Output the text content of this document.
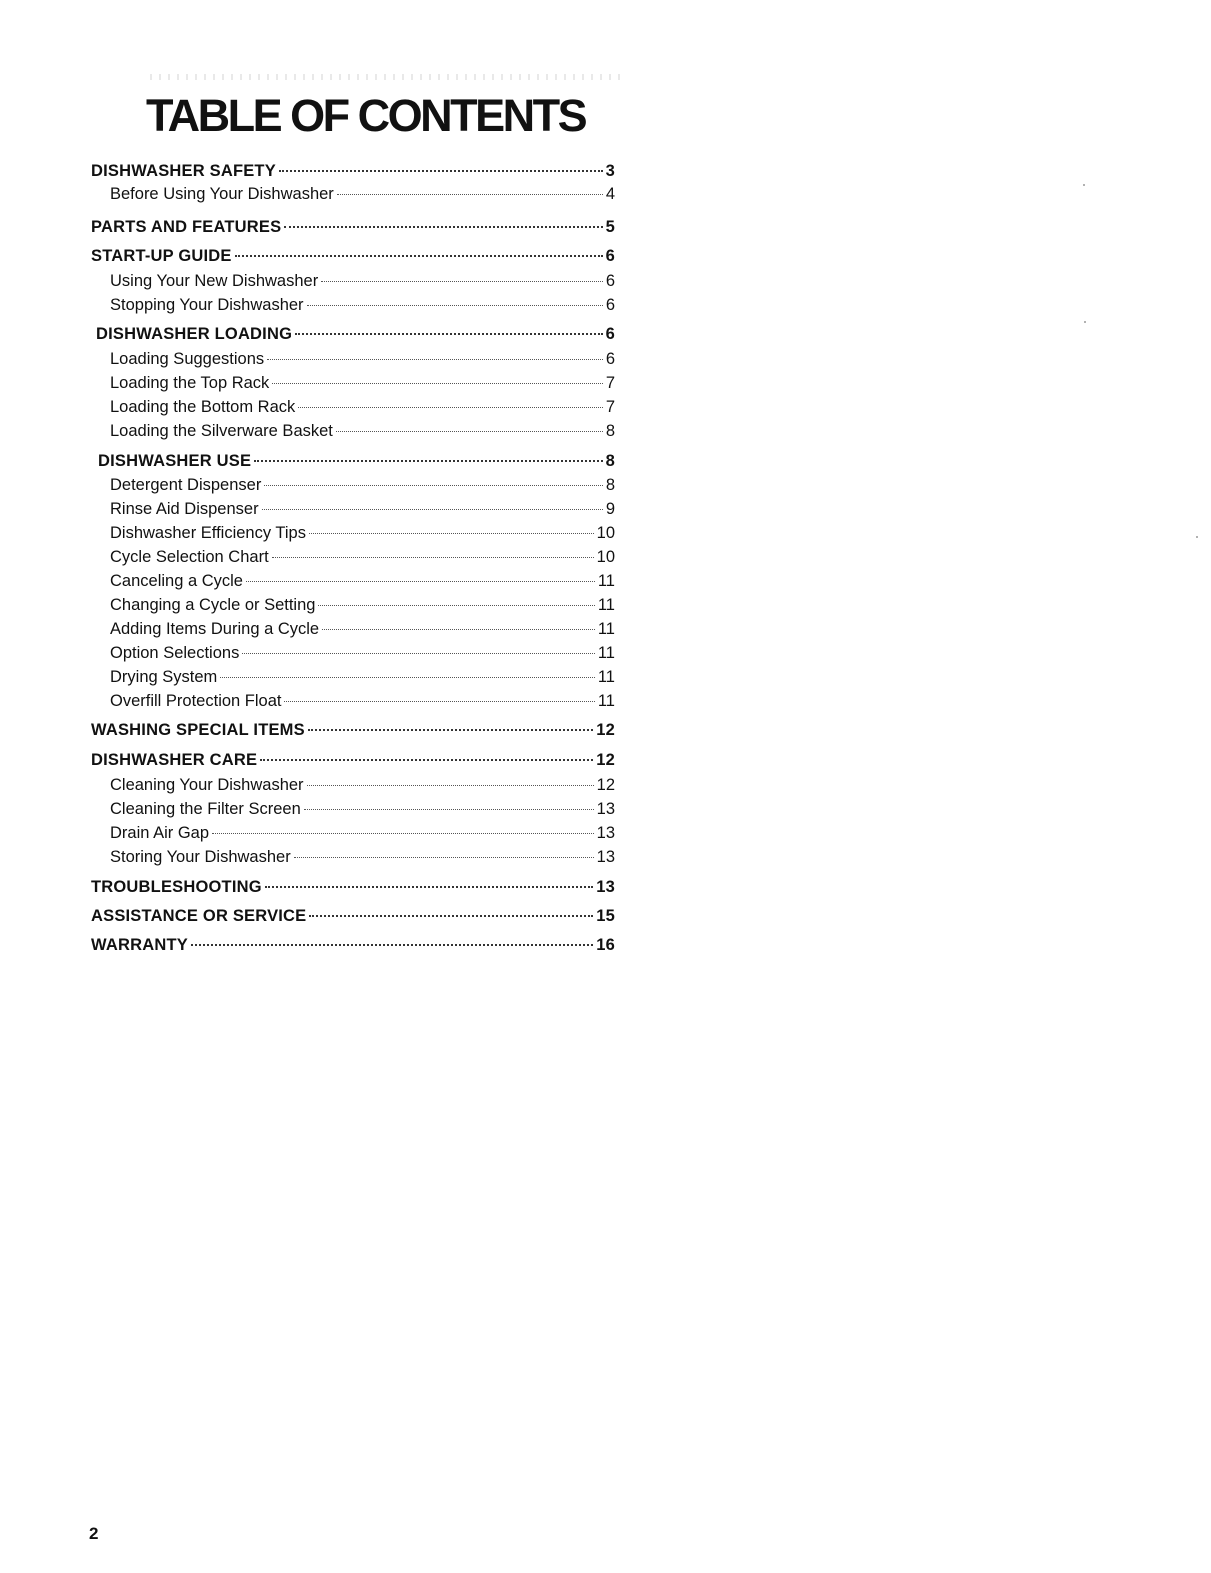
TABLE OF CONTENTS
DISHWASHER SAFETY	3
Before Using Your Dishwasher	4
PARTS AND FEATURES	5
START-UP GUIDE	6
Using Your New Dishwasher	6
Stopping Your Dishwasher	6
DISHWASHER LOADING	6
Loading Suggestions	6
Loading the Top Rack	7
Loading the Bottom Rack	7
Loading the Silverware Basket	8
DISHWASHER USE	8
Detergent Dispenser	8
Rinse Aid Dispenser	9
Dishwasher Efficiency Tips	10
Cycle Selection Chart	10
Canceling a Cycle	11
Changing a Cycle or Setting	11
Adding Items During a Cycle	11
Option Selections	11
Drying System	11
Overfill Protection Float	11
WASHING SPECIAL ITEMS	12
DISHWASHER CARE	12
Cleaning Your Dishwasher	12
Cleaning the Filter Screen	13
Drain Air Gap	13
Storing Your Dishwasher	13
TROUBLESHOOTING	13
ASSISTANCE OR SERVICE	15
WARRANTY	16
2
